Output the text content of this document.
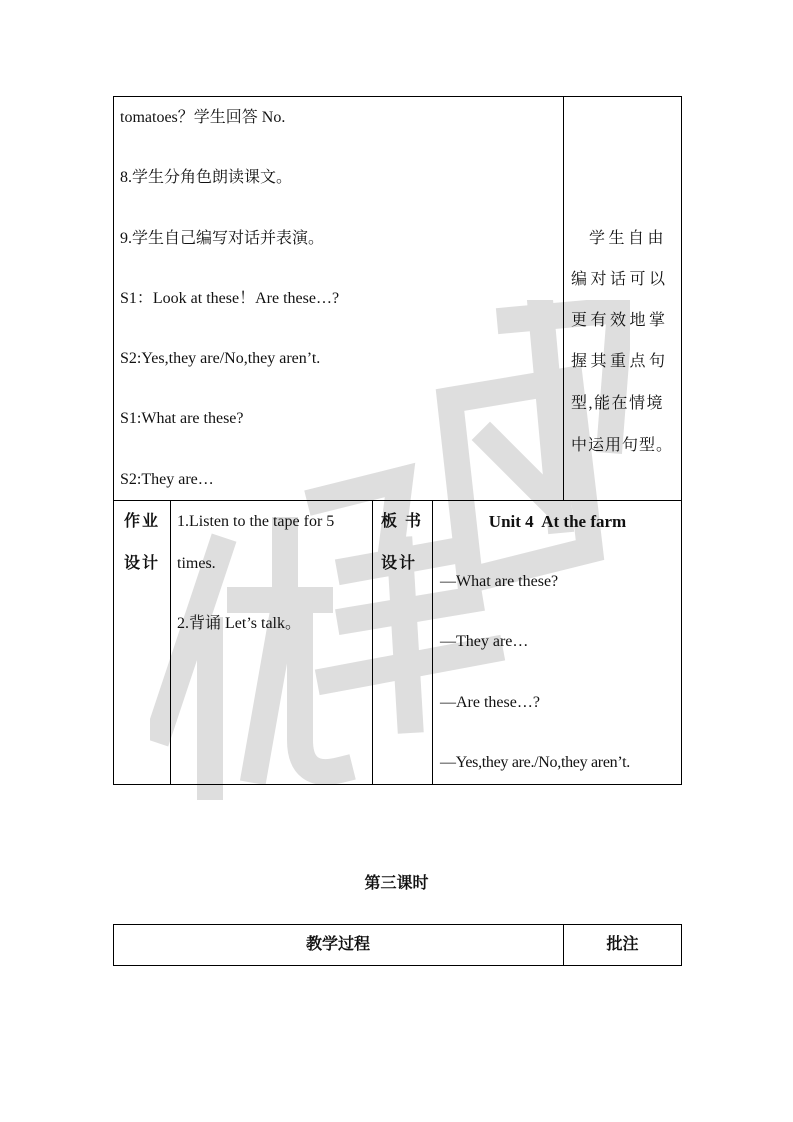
tomatoes？学生回答 No.
8.学生分角色朗读课文。
9.学生自己编写对话并表演。
S1：Look at these！Are these…?
S2:Yes,they are/No,they aren’t.
S1:What are these?
S2:They are…
学生自由
编对话可以
更有效地掌
握其重点句
型,能在情境
中运用句型。
作业
设计
1.Listen to the tape for 5
times.
2.背诵 Let’s talk。
板 书
设计
Unit 4  At the farm
—What are these?
—They are…
—Are these…?
—Yes,they are./No,they aren’t.
第三课时
教学过程	批注
